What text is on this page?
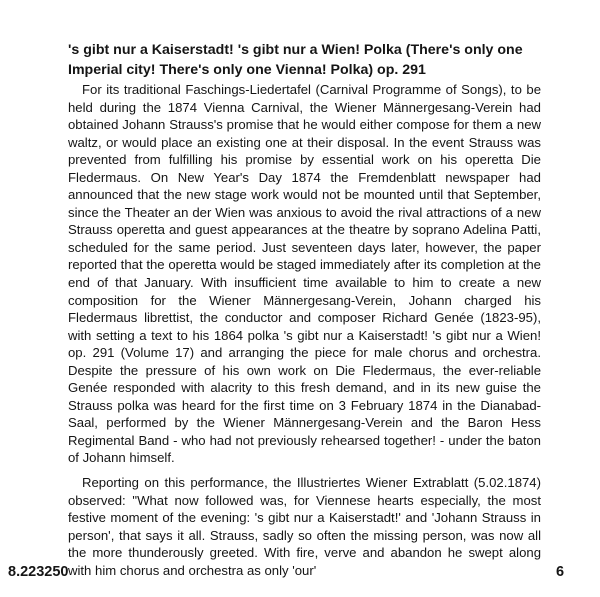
's gibt nur a Kaiserstadt! 's gibt nur a Wien! Polka (There's only one Imperial city! There's only one Vienna! Polka) op. 291

For its traditional Faschings-Liedertafel (Carnival Programme of Songs), to be held during the 1874 Vienna Carnival, the Wiener Männergesang-Verein had obtained Johann Strauss's promise that he would either compose for them a new waltz, or would place an existing one at their disposal. In the event Strauss was prevented from fulfilling his promise by essential work on his operetta Die Fledermaus. On New Year's Day 1874 the Fremdenblatt newspaper had announced that the new stage work would not be mounted until that September, since the Theater an der Wien was anxious to avoid the rival attractions of a new Strauss operetta and guest appearances at the theatre by soprano Adelina Patti, scheduled for the same period. Just seventeen days later, however, the paper reported that the operetta would be staged immediately after its completion at the end of that January. With insufficient time available to him to create a new composition for the Wiener Männergesang-Verein, Johann charged his Fledermaus librettist, the conductor and composer Richard Genée (1823-95), with setting a text to his 1864 polka 's gibt nur a Kaiserstadt! 's gibt nur a Wien! op. 291 (Volume 17) and arranging the piece for male chorus and orchestra. Despite the pressure of his own work on Die Fledermaus, the ever-reliable Genée responded with alacrity to this fresh demand, and in its new guise the Strauss polka was heard for the first time on 3 February 1874 in the Dianabad-Saal, performed by the Wiener Männergesang-Verein and the Baron Hess Regimental Band - who had not previously rehearsed together! - under the baton of Johann himself.

Reporting on this performance, the Illustriertes Wiener Extrablatt (5.02.1874) observed: "What now followed was, for Viennese hearts especially, the most festive moment of the evening: 's gibt nur a Kaiserstadt!' and 'Johann Strauss in person', that says it all. Strauss, sadly so often the missing person, was now all the more thunderously greeted. With fire, verve and abandon he swept along with him chorus and orchestra as only 'our'

8.223250	6
